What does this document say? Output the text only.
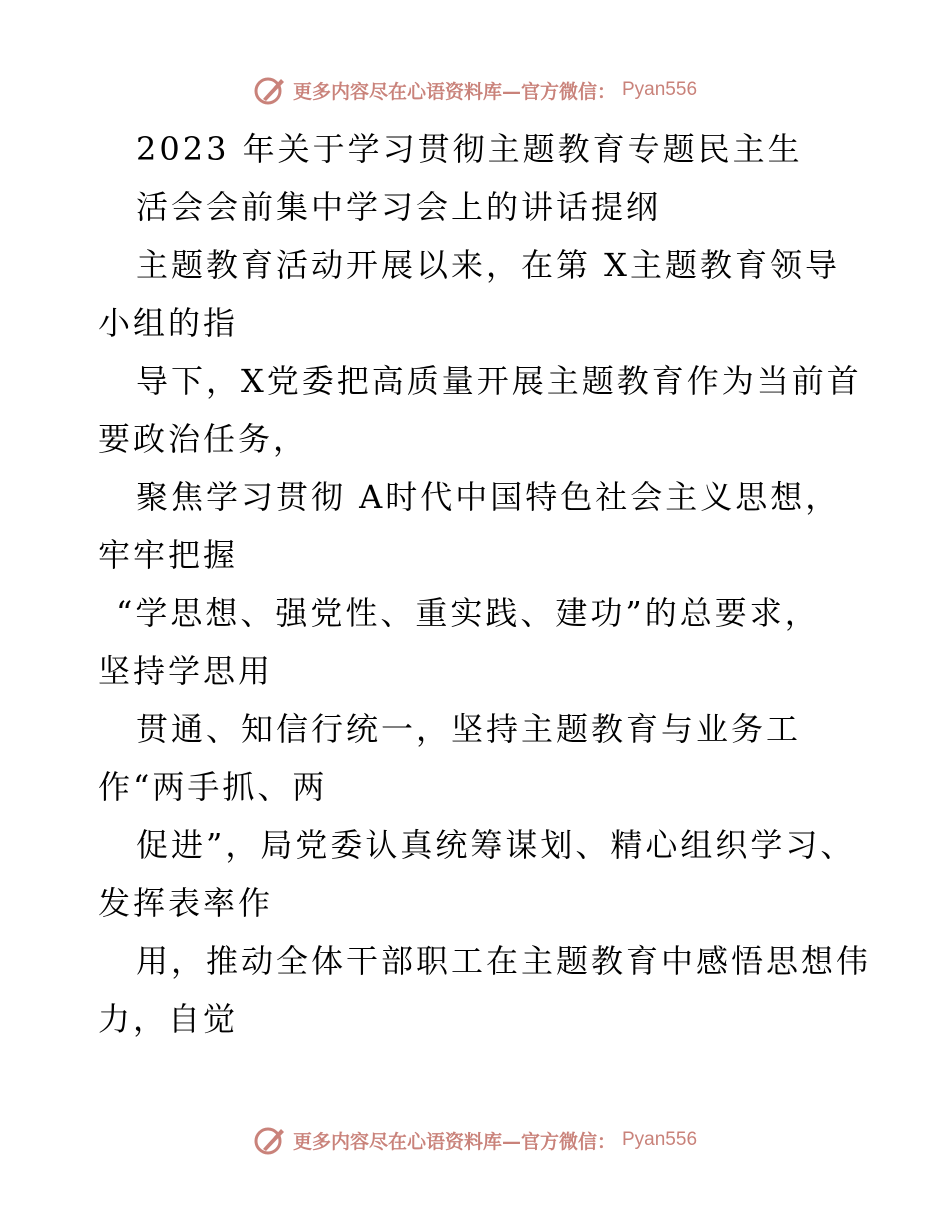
更多内容尽在心语资料库—官方微信： Pyan556
2023 年关于学习贯彻主题教育专题民主生
活会会前集中学习会上的讲话提纲
主题教育活动开展以来，在第 X主题教育领导
小组的指
导下，X党委把高质量开展主题教育作为当前首
要政治任务，
聚焦学习贯彻 A时代中国特色社会主义思想，
牢牢把握
“学思想、强党性、重实践、建功”的总要求，
坚持学思用
贯通、知信行统一，坚持主题教育与业务工
作“两手抓、两
促进”，局党委认真统筹谋划、精心组织学习、
发挥表率作
用，推动全体干部职工在主题教育中感悟思想伟
力，自觉
更多内容尽在心语资料库—官方微信： Pyan556
